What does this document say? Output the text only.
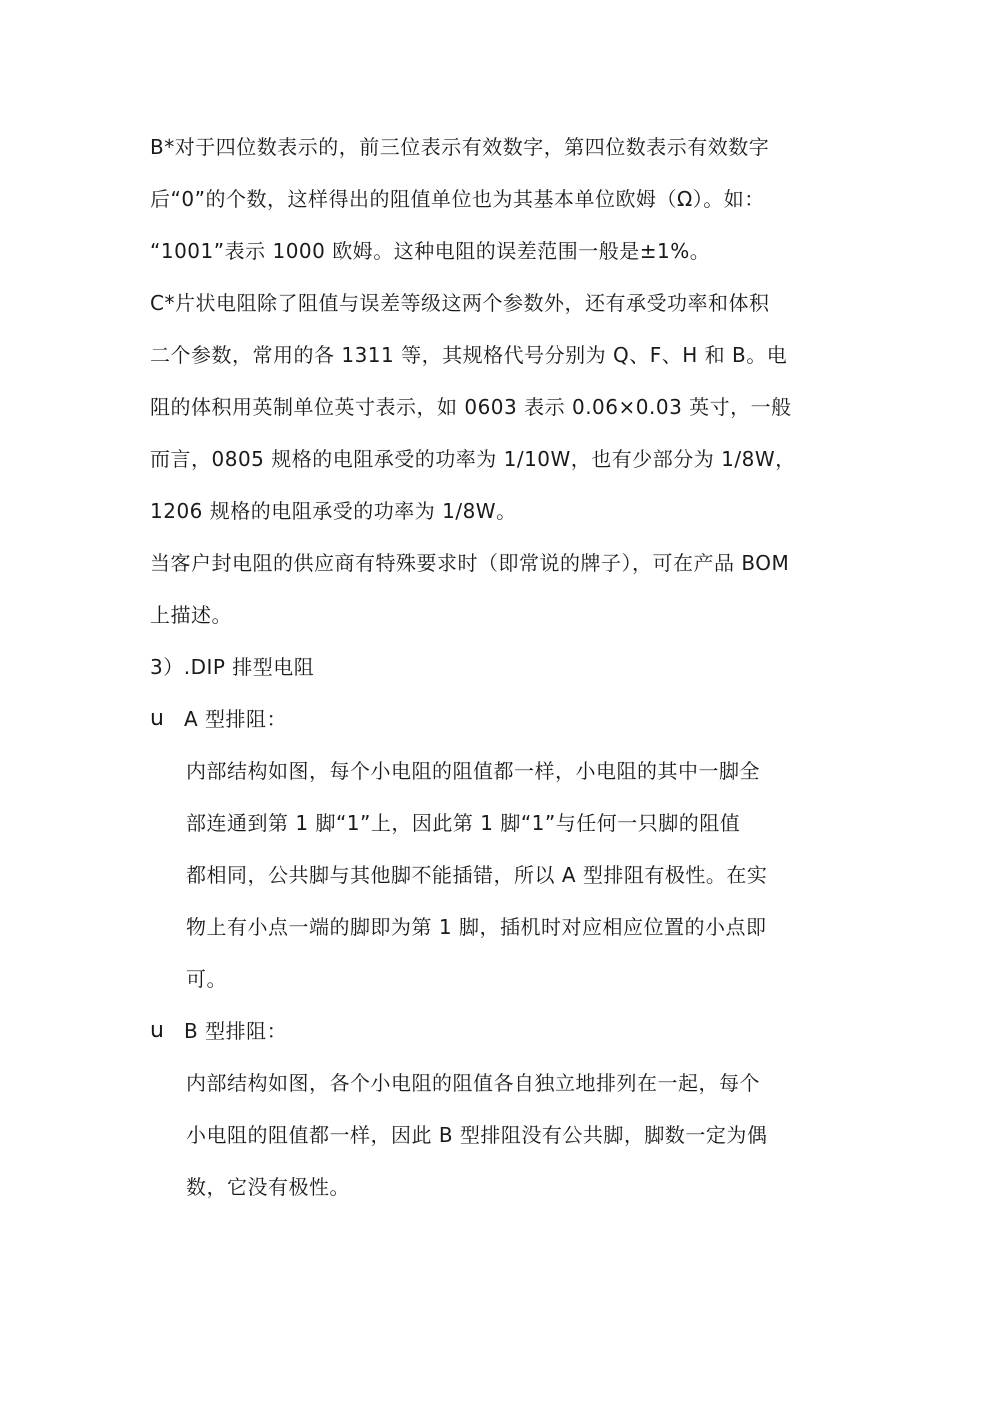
B*对于四位数表示的，前三位表示有效数字，第四位数表示有效数字
后“0”的个数，这样得出的阻值单位也为其基本单位欧姆（Ω）。如：
“1001”表示 1000 欧姆。这种电阻的误差范围一般是±1%。
C*片状电阻除了阻值与误差等级这两个参数外，还有承受功率和体积
二个参数，常用的各 1311 等，其规格代号分别为 Q、F、H 和 B。电
阻的体积用英制单位英寸表示，如 0603 表示 0.06×0.03 英寸，一般
而言，0805 规格的电阻承受的功率为 1/10W，也有少部分为 1/8W，
1206 规格的电阻承受的功率为 1/8W。
当客户封电阻的供应商有特殊要求时（即常说的牌子），可在产品 BOM
上描述。
3）.DIP 排型电阻
u A 型排阻：
内部结构如图，每个小电阻的阻值都一样，小电阻的其中一脚全
部连通到第 1 脚“1”上，因此第 1 脚“1”与任何一只脚的阻值
都相同，公共脚与其他脚不能插错，所以 A 型排阻有极性。在实
物上有小点一端的脚即为第 1 脚，插机时对应相应位置的小点即
可。
u B 型排阻：
内部结构如图，各个小电阻的阻值各自独立地排列在一起，每个
小电阻的阻值都一样，因此 B 型排阻没有公共脚，脚数一定为偶
数，它没有极性。
